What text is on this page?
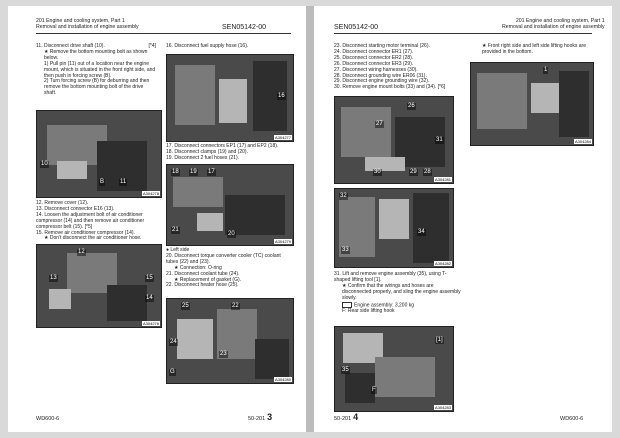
201 Engine and cooling system, Part 1
Removal and installation of engine assembly	SEN05142-00

11. Disconnect drive shaft (10).	[*4]

★ Remove the bottom mounting bolt as shown below.

1) Pull pin (11) out of a location near the engine mount, which is situated in the front right side, and then push in forcing screw (B).

2) Turn forcing screw (B) for deburring and then remove the bottom mounting bolt of the drive shaft.

10
B	11
A304278

12. Remove cover (12).

13. Disconnect connector E16 (13).

14. Loosen the adjustment bolt of air conditioner compressor (14) and then remove air conditioner compressor belt (15). [*5]

15. Remove air conditioner compressor (14).

★ Don't disconnect the air conditioner hose.

12
13
14
15
A304276

16. Disconnect fuel supply hose (16).

16
A304277

17. Disconnect connectors EP1 (17) and EP2 (18).

18. Disconnect clamps (19) and (20).

19. Disconnect 2 fuel hoses (21).

18 19 17
21
20
A304279

● Left side

20. Disconnect torque converter cooler (TC) coolant tubes (22) and (23).

★ Connection: O-ring

21. Disconnect coolant tube (24).

★ Replacement of gasket (G).

22. Disconnect heater hose (25).

25	22
24
23
G
A304280
WD600-6	50-201 3
SEN05142-00
201 Engine and cooling system, Part 1
Removal and installation of engine assembly

23. Disconnect starting motor terminal (26).

24. Disconnect connector ER1 (27).

25. Disconnect connector ER2 (28).

26. Disconnect connector ER3 (29).

27. Disconnect wiring harnesses (30).

28. Disconnect grounding wire ER06 (31).

29. Disconnect engine grounding wire (32).

30. Remove engine mount bolts (33) and (34). [*6]

27
26
31
30	29 28
A304281
32
33
34
A304282

31. Lift and remove engine assembly (35), using T-shaped lifting tool [1].

★ Confirm that the wirings and hoses are disconnected properly, and sling the engine assembly slowly.

Engine assembly: 3,200 kg

F: Rear side lifting hook

35
F
[1]
A304283

★ Front right side and left side lifting hooks are provided in the bottom.

1
A304284
50-201 4	WD600-6
